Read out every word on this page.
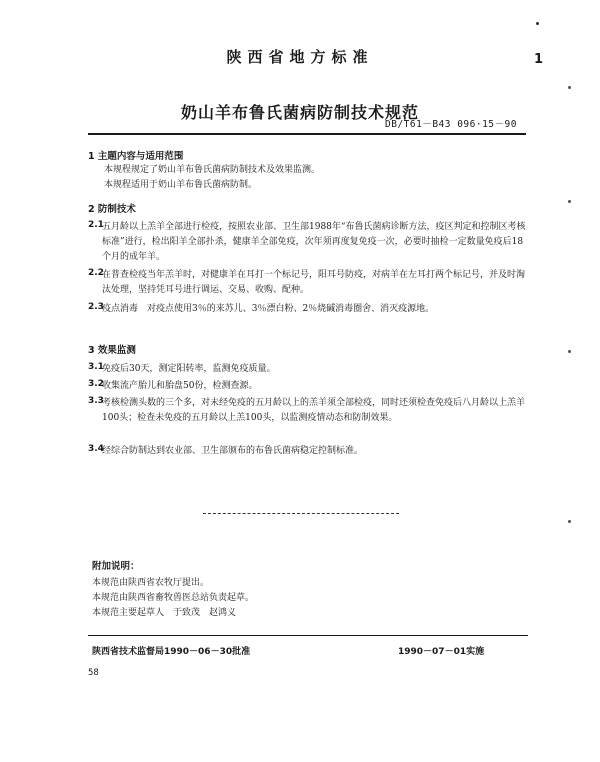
陕西省地方标准	1
奶山羊布鲁氏菌病防制技术规范
DB/T61－B43 096·15－90
1 主题内容与适用范围
本规程规定了奶山羊布鲁氏菌病防制技术及效果监测。
本规程适用于奶山羊布鲁氏菌病防制。
2 防制技术
2.1
五月龄以上羔羊全部进行检疫，按照农业部、卫生部1988年“布鲁氏菌病诊断方法，疫区判定和控制区考核标准”进行，检出阳羊全部扑杀，健康羊全部免疫，次年须再度复免疫一次，必要时抽检一定数量免疫后18个月的成年羊。
2.2
在普查检疫当年羔羊时，对健康羊在耳打一个标记号，阳耳号防疫，对病羊在左耳打两个标记号，并及时淘汰处理，坚持凭耳号进行调运、交易、收购、配种。
2.3
疫点消毒　对疫点使用3％的来苏儿、3％漂白粉、2％烧碱消毒圈舍、消灭疫源地。
3 效果监测
3.1
免疫后30天，测定阳转率，监测免疫质量。
3.2
收集流产胎儿和胎盘50份，检测查源。
3.3
考核检测头数的三个多，对未经免疫的五月龄以上的羔羊须全部检疫，同时还须检查免疫后八月龄以上羔羊100头；检查未免疫的五月龄以上羔100头，以监测疫情动态和防制效果。
3.4
经综合防制达到农业部、卫生部颁布的布鲁氏菌病稳定控制标准。
附加说明：
本规范由陕西省农牧厅提出。
本规范由陕西省畜牧兽医总站负责起草。
本规范主要起草人　于致茂　赵鸿义
陕西省技术监督局1990－06－30批准	1990－07－01实施
58
